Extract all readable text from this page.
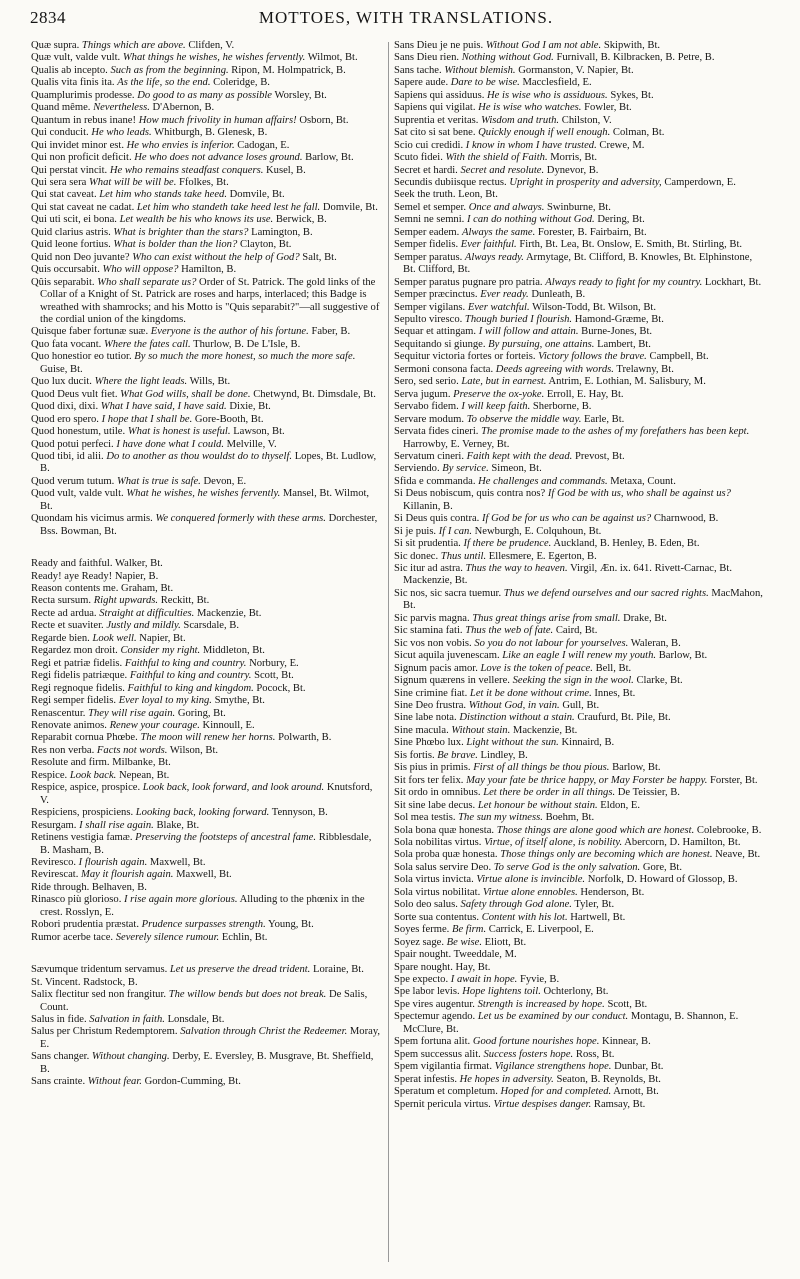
2834	MOTTOES, WITH TRANSLATIONS.
Quæ supra. Things which are above. Clifden, V.
Quæ vult, valde vult. What things he wishes, he wishes fervently. Wilmot, Bt.
Qualis ab incepto. Such as from the beginning. Ripon, M. Holmpatrick, B.
Qualis vita finis ita. As the life, so the end. Coleridge, B.
Quamplurimis prodesse. Do good to as many as possible Worsley, Bt.
Quand même. Nevertheless. D'Abernon, B.
Quantum in rebus inane! How much frivolity in human affairs! Osborn, Bt.
Qui conducit. He who leads. Whitburgh, B. Glenesk, B.
Qui invidet minor est. He who envies is inferior. Cadogan, E.
Qui non proficit deficit. He who does not advance loses ground. Barlow, Bt.
Qui perstat vincit. He who remains steadfast conquers. Kusel, B.
Qui sera sera What will be will be. Ffolkes, Bt.
Qui stat caveat. Let him who stands take heed. Domvile, Bt.
Qui stat caveat ne cadat. Let him who standeth take heed lest he fall. Domvile, Bt.
Qui uti scit, ei bona. Let wealth be his who knows its use. Berwick, B.
Quid clarius astris. What is brighter than the stars? Lamington, B.
Quid leone fortius. What is bolder than the lion? Clayton, Bt.
Quid non Deo juvante? Who can exist without the help of God? Salt, Bt.
Quis occursabit. Who will oppose? Hamilton, B.
Qûis separabit. Who shall separate us? Order of St. Patrick. The gold links of the Collar of a Knight of St. Patrick are roses and harps, interlaced; this Badge is wreathed with shamrocks; and his Motto is "Quis separabit?"—all suggestive of the cordial union of the kingdoms.
Quisque faber fortunæ suæ. Everyone is the author of his fortune. Faber, B.
Quo fata vocant. Where the fates call. Thurlow, B. De L'Isle, B.
Quo honestior eo tutior. By so much the more honest, so much the more safe. Guise, Bt.
Quo lux ducit. Where the light leads. Wills, Bt.
Quod Deus vult fiet. What God wills, shall be done. Chetwynd, Bt. Dimsdale, Bt.
Quod dixi, dixi. What I have said, I have said. Dixie, Bt.
Quod ero spero. I hope that I shall be. Gore-Booth, Bt.
Quod honestum, utile. What is honest is useful. Lawson, Bt.
Quod potui perfeci. I have done what I could. Melville, V.
Quod tibi, id alii. Do to another as thou wouldst do to thyself. Lopes, Bt. Ludlow, B.
Quod verum tutum. What is true is safe. Devon, E.
Quod vult, valde vult. What he wishes, he wishes fervently. Mansel, Bt. Wilmot, Bt.
Quondam his vicimus armis. We conquered formerly with these arms. Dorchester, Bss. Bowman, Bt.
Ready and faithful. Walker, Bt.
Ready! aye Ready! Napier, B.
Reason contents me. Graham, Bt.
Recta sursum. Right upwards. Reckitt, Bt.
Recte ad ardua. Straight at difficulties. Mackenzie, Bt.
Recte et suaviter. Justly and mildly. Scarsdale, B.
Regarde bien. Look well. Napier, Bt.
Regardez mon droit. Consider my right. Middleton, Bt.
Regi et patriæ fidelis. Faithful to king and country. Norbury, E.
Regi fidelis patriæque. Faithful to king and country. Scott, Bt.
Regi regnoque fidelis. Faithful to king and kingdom. Pocock, Bt.
Regi semper fidelis. Ever loyal to my king. Smythe, Bt.
Renascentur. They will rise again. Goring, Bt.
Renovate animos. Renew your courage. Kinnoull, E.
Reparabit cornua Phœbe. The moon will renew her horns. Polwarth, B.
Res non verba. Facts not words. Wilson, Bt.
Resolute and firm. Milbanke, Bt.
Respice. Look back. Nepean, Bt.
Respice, aspice, prospice. Look back, look forward, and look around. Knutsford, V.
Respiciens, prospiciens. Looking back, looking forward. Tennyson, B.
Resurgam. I shall rise again. Blake, Bt.
Retinens vestigia famæ. Preserving the footsteps of ancestral fame. Ribblesdale, B. Masham, B.
Reviresco. I flourish again. Maxwell, Bt.
Revirescat. May it flourish again. Maxwell, Bt.
Ride through. Belhaven, B.
Rinasco più glorioso. I rise again more glorious. Alluding to the phœnix in the crest. Rosslyn, E.
Robori prudentia præstat. Prudence surpasses strength. Young, Bt.
Rumor acerbe tace. Severely silence rumour. Echlin, Bt.
Sævumque tridentum servamus. Let us preserve the dread trident. Loraine, Bt.
St. Vincent. Radstock, B.
Salix flectitur sed non frangitur. The willow bends but does not break. De Salis, Count.
Salus in fide. Salvation in faith. Lonsdale, Bt.
Salus per Christum Redemptorem. Salvation through Christ the Redeemer. Moray, E.
Sans changer. Without changing. Derby, E. Eversley, B. Musgrave, Bt. Sheffield, B.
Sans crainte. Without fear. Gordon-Cumming, Bt.
Sans Dieu je ne puis. Without God I am not able. Skipwith, Bt.
Sans Dieu rien. Nothing without God. Furnivall, B. Kilbracken, B. Petre, B.
Sans tache. Without blemish. Gormanston, V. Napier, Bt.
Sapere aude. Dare to be wise. Macclesfield, E.
Sapiens qui assiduus. He is wise who is assiduous. Sykes, Bt.
Sapiens qui vigilat. He is wise who watches. Fowler, Bt.
Suprentia et veritas. Wisdom and truth. Chilston, V.
Sat cito si sat bene. Quickly enough if well enough. Colman, Bt.
Scio cui credidi. I know in whom I have trusted. Crewe, M.
Scuto fidei. With the shield of Faith. Morris, Bt.
Secret et hardi. Secret and resolute. Dynevor, B.
Secundis dubiisque rectus. Upright in prosperity and adversity, Camperdown, E.
Seek the truth. Leon, Bt.
Semel et semper. Once and always. Swinburne, Bt.
Semni ne semni. I can do nothing without God. Dering, Bt.
Semper eadem. Always the same. Forester, B. Fairbairn, Bt.
Semper fidelis. Ever faithful. Firth, Bt. Lea, Bt. Onslow, E. Smith, Bt. Stirling, Bt.
Semper paratus. Always ready. Armytage, Bt. Clifford, B. Knowles, Bt. Elphinstone, Bt. Clifford, Bt.
Semper paratus pugnare pro patria. Always ready to fight for my country. Lockhart, Bt.
Semper præcinctus. Ever ready. Dunleath, B.
Semper vigilans. Ever watchful. Wilson-Todd, Bt. Wilson, Bt.
Sepulto viresco. Though buried I flourish. Hamond-Græme, Bt.
Sequar et attingam. I will follow and attain. Burne-Jones, Bt.
Sequitando si giunge. By pursuing, one attains. Lambert, Bt.
Sequitur victoria fortes or forteis. Victory follows the brave. Campbell, Bt.
Sermoni consona facta. Deeds agreeing with words. Trelawny, Bt.
Sero, sed serio. Late, but in earnest. Antrim, E. Lothian, M. Salisbury, M.
Serva jugum. Preserve the ox-yoke. Erroll, E. Hay, Bt.
Servabo fidem. I will keep faith. Sherborne, B.
Servare modum. To observe the middle way. Earle, Bt.
Servata fides cineri. The promise made to the ashes of my forefathers has been kept. Harrowby, E. Verney, Bt.
Servatum cineri. Faith kept with the dead. Prevost, Bt.
Serviendo. By service. Simeon, Bt.
Sfida e commanda. He challenges and commands. Metaxa, Count.
Si Deus nobiscum, quis contra nos? If God be with us, who shall be against us? Killanin, B.
Si Deus quis contra. If God be for us who can be against us? Charnwood, B.
Si je puis. If I can. Newburgh, E. Colquhoun, Bt.
Si sit prudentia. If there be prudence. Auckland, B. Henley, B. Eden, Bt.
Sic donec. Thus until. Ellesmere, E. Egerton, B.
Sic itur ad astra. Thus the way to heaven. Virgil, Æn. ix. 641. Rivett-Carnac, Bt. Mackenzie, Bt.
Sic nos, sic sacra tuemur. Thus we defend ourselves and our sacred rights. MacMahon, Bt.
Sic parvis magna. Thus great things arise from small. Drake, Bt.
Sic stamina fati. Thus the web of fate. Caird, Bt.
Sic vos non vobis. So you do not labour for yourselves. Waleran, B.
Sicut aquila juvenescam. Like an eagle I will renew my youth. Barlow, Bt.
Signum pacis amor. Love is the token of peace. Bell, Bt.
Signum quærens in vellere. Seeking the sign in the wool. Clarke, Bt.
Sine crimine fiat. Let it be done without crime. Innes, Bt.
Sine Deo frustra. Without God, in vain. Gull, Bt.
Sine labe nota. Distinction without a stain. Craufurd, Bt. Pile, Bt.
Sine macula. Without stain. Mackenzie, Bt.
Sine Phœbo lux. Light without the sun. Kinnaird, B.
Sis fortis. Be brave. Lindley, B.
Sis pius in primis. First of all things be thou pious. Barlow, Bt.
Sit fors ter felix. May your fate be thrice happy, or May Forster be happy. Forster, Bt.
Sit ordo in omnibus. Let there be order in all things. De Teissier, B.
Sit sine labe decus. Let honour be without stain. Eldon, E.
Sol mea testis. The sun my witness. Boehm, Bt.
Sola bona quæ honesta. Those things are alone good which are honest. Colebrooke, B.
Sola nobilitas virtus. Virtue, of itself alone, is nobility. Abercorn, D. Hamilton, Bt.
Sola proba quæ honesta. Those things only are becoming which are honest. Neave, Bt.
Sola salus servire Deo. To serve God is the only salvation. Gore, Bt.
Sola virtus invicta. Virtue alone is invincible. Norfolk, D. Howard of Glossop, B.
Sola virtus nobilitat. Virtue alone ennobles. Henderson, Bt.
Solo deo salus. Safety through God alone. Tyler, Bt.
Sorte sua contentus. Content with his lot. Hartwell, Bt.
Soyes ferme. Be firm. Carrick, E. Liverpool, E.
Soyez sage. Be wise. Eliott, Bt.
Spair nought. Tweeddale, M.
Spare nought. Hay, Bt.
Spe expecto. I await in hope. Fyvie, B.
Spe labor levis. Hope lightens toil. Ochterlony, Bt.
Spe vires augentur. Strength is increased by hope. Scott, Bt.
Spectemur agendo. Let us be examined by our conduct. Montagu, B. Shannon, E. McClure, Bt.
Spem fortuna alit. Good fortune nourishes hope. Kinnear, B.
Spem successus alit. Success fosters hope. Ross, Bt.
Spem vigilantia firmat. Vigilance strengthens hope. Dunbar, Bt.
Sperat infestis. He hopes in adversity. Seaton, B. Reynolds, Bt.
Speratum et completum. Hoped for and completed. Arnott, Bt.
Spernit pericula virtus. Virtue despises danger. Ramsay, Bt.
